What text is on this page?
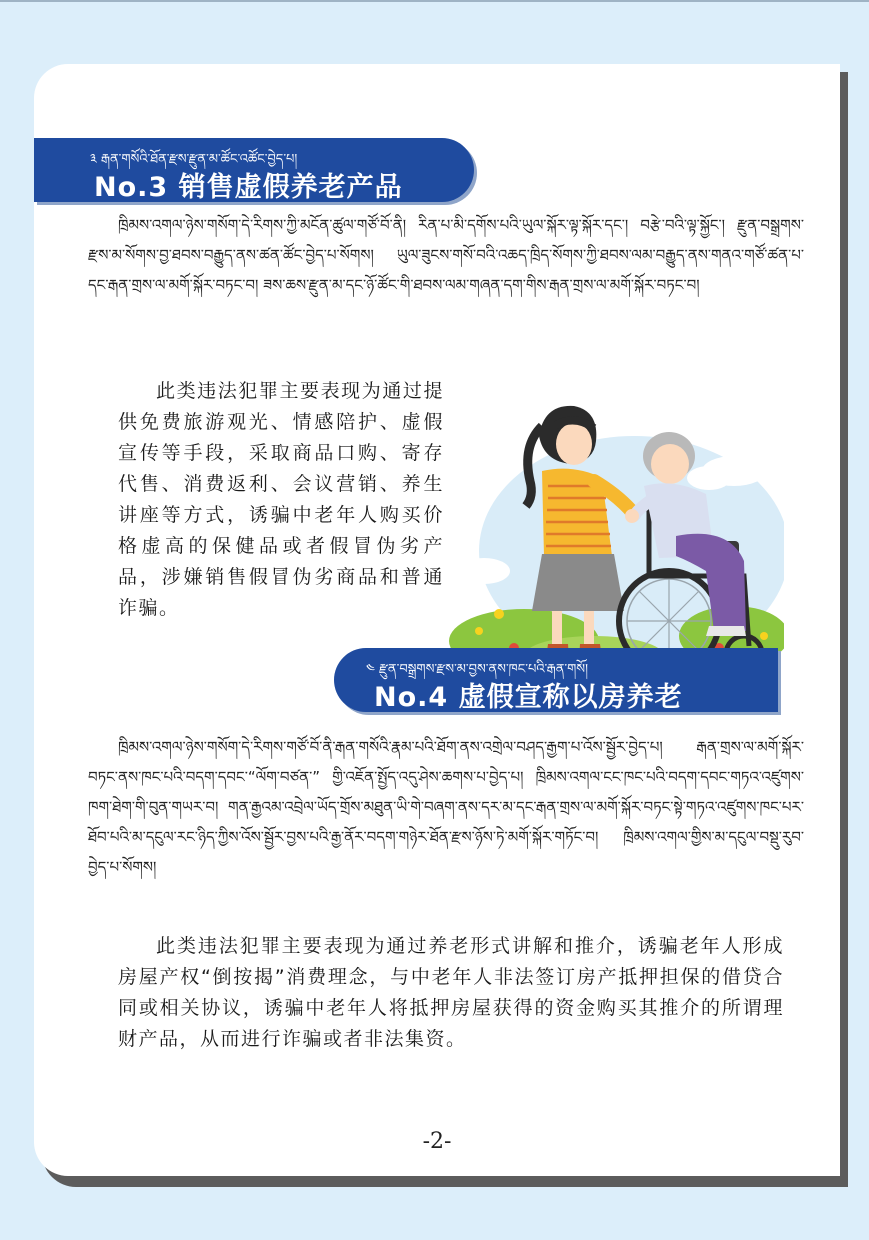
༣ རྒན་གསོའི་ཐོན་རྫས་རྫུན་མ་ཚོང་འཚོང་བྱེད་པ།
No.3 销售虚假养老产品

ཁྲིམས་འགལ་ཉེས་གསོག་དེ་རིགས་ཀྱི་མངོན་ཚུལ་གཙོ་བོ་ནི། རིན་པ་མི་དགོས་པའི་ཡུལ་སྐོར་ལྟ་སྐོར་དང་། བརྩེ་བའི་ལྟ་སྐྱོང་། རྫུན་བསྒྲགས་རྫས་མ་སོགས་བྱ་ཐབས་བརྒྱུད་ནས་ཚན་ཚོང་བྱེད་པ་སོགས། ཡུལ་ཟུངས་གསོ་བའི་འཆད་ཁྲིད་སོགས་ཀྱི་ཐབས་ལམ་བརྒྱུད་ནས་གནའ་གཙོ་ཚན་པ་དང་རྒན་གྲས་ལ་མགོ་སྐོར་བཏང་བ། ཟས་ཆས་རྫུན་མ་དང་ཉོ་ཚོང་གི་ཐབས་ལམ་གཞན་དག་གིས་རྒན་གྲས་ལ་མགོ་སྐོར་བཏང་བ།

此类违法犯罪主要表现为通过提供免费旅游观光、情感陪护、虚假宣传等手段，采取商品口购、寄存代售、消费返利、会议营销、养生讲座等方式，诱骗中老年人购买价格虚高的保健品或者假冒伪劣产品，涉嫌销售假冒伪劣商品和普通诈骗。

༤ རྫུན་བསྒྲགས་རྫས་མ་བྱས་ནས་ཁང་པའི་རྒན་གསོ།
No.4 虚假宣称以房养老

ཁྲིམས་འགལ་ཉེས་གསོག་དེ་རིགས་གཙོ་བོ་ནི་རྒན་གསོའི་རྣམ་པའི་ཐོག་ནས་འགྲེལ་བཤད་རྒྱག་པ་འོས་སྦྱོར་བྱེད་པ། རྒན་གྲས་ལ་མགོ་སྐོར་བཏང་ནས་ཁང་པའི་བདག་དབང་“ལོག་བཙན་” གྱི་འཇོན་སྤྱོད་འདུ་ཤེས་ཆགས་པ་བྱེད་པ། ཁྲིམས་འགལ་ངང་ཁང་པའི་བདག་དབང་གཏའ་འཛུགས་ཁག་ཐེག་གི་བུན་གཡར་བ། གན་རྒྱའམ་འབྲེལ་ཡོད་གྲོས་མཐུན་ཡི་གེ་བཞག་ནས་དར་མ་དང་རྒན་གྲས་ལ་མགོ་སྐོར་བཏང་སྟེ་གཏའ་འཛུགས་ཁང་པར་ཐོབ་པའི་མ་དངུལ་རང་ཉིད་ཀྱིས་འོས་སྦྱོར་བྱས་པའི་རྒྱ་ནོར་བདག་གཉེར་ཐོན་རྫས་ཉོས་ཏེ་མགོ་སྐོར་གཏོང་བ། ཁྲིམས་འགལ་གྱིས་མ་དངུལ་བསྡུ་རུབ་བྱེད་པ་སོགས།

此类违法犯罪主要表现为通过养老形式讲解和推介，诱骗老年人形成房屋产权“倒按揭”消费理念，与中老年人非法签订房产抵押担保的借贷合同或相关协议，诱骗中老年人将抵押房屋获得的资金购买其推介的所谓理财产品，从而进行诈骗或者非法集资。

-2-
